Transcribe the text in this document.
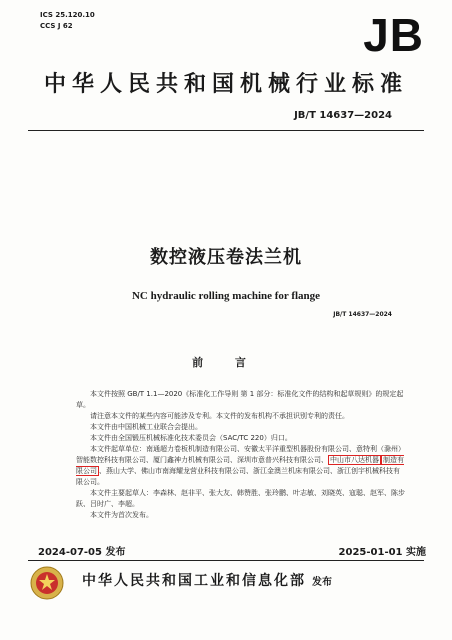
ICS 25.120.10
CCS J 62	JB
中华人民共和国机械行业标准
JB/T 14637—2024
数控液压卷法兰机
NC hydraulic rolling machine for flange
JB/T 14637—2024
前 言

本文件按照 GB/T 1.1—2020《标准化工作导则 第 1 部分：标准化文件的结构和起草规则》的规定起草。

请注意本文件的某些内容可能涉及专利。本文件的发布机构不承担识别专利的责任。

本文件由中国机械工业联合会提出。

本文件由全国锻压机械标准化技术委员会（SAC/TC 220）归口。

本文件起草单位：南通超力卷板机制造有限公司、安徽太平洋重型机器股份有限公司、意特利（滁州）智能数控科技有限公司、厦门鑫神力机械有限公司、深圳市意普兴科技有限公司、 中山市八达机器 制造有限公司 、燕山大学、佛山市南海耀龙营业科技有限公司、浙江金澳兰机床有限公司、浙江创宇机械科技有限公司。

本文件主要起草人：李森林、赵非平、张大友、韩赞胜、张玲鹏、叶志敏、刘晓英、寇聪、赵军、陈步跃、吕时广、李超。

本文件为首次发布。

2024-07-05 发布	2025-01-01 实施
中华人民共和国工业和信息化部 发布
